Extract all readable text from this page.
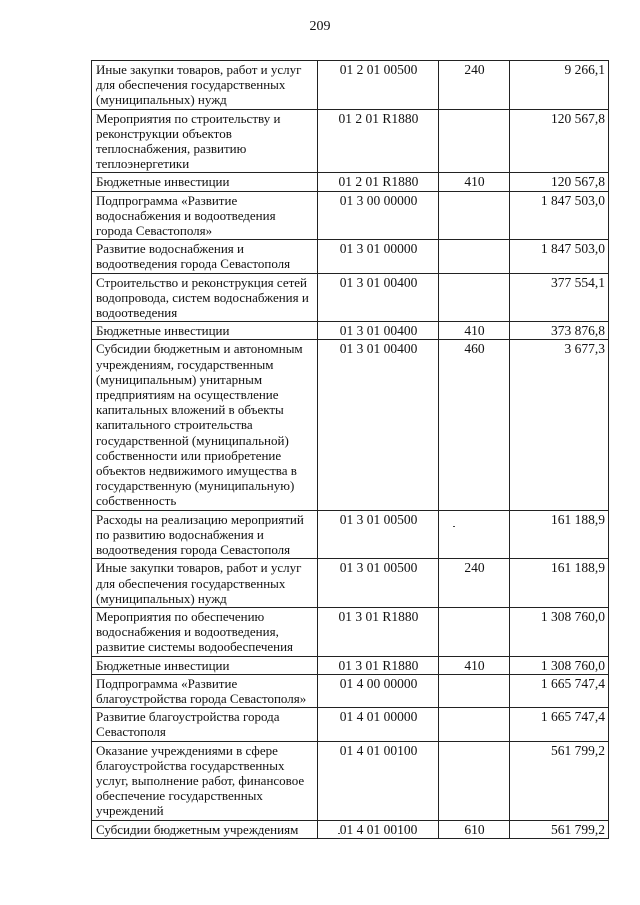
209
Иные закупки товаров, работ и услуг для обеспечения государственных (муниципальных) нужд	01 2 01 00500	240	9 266,1
Мероприятия по строительству и реконструкции объектов теплоснабжения, развитию теплоэнергетики	01 2 01 R1880		120 567,8
Бюджетные инвестиции	01 2 01 R1880	410	120 567,8
Подпрограмма «Развитие водоснабжения и водоотведения города Севастополя»	01 3 00 00000		1 847 503,0
Развитие водоснабжения и водоотведения города Севастополя	01 3 01 00000		1 847 503,0
Строительство и реконструкция сетей водопровода, систем водоснабжения и водоотведения	01 3 01 00400		377 554,1
Бюджетные инвестиции	01 3 01 00400	410	373 876,8
Субсидии бюджетным и автономным учреждениям, государственным (муниципальным) унитарным предприятиям на осуществление капитальных вложений в объекты капитального строительства государственной (муниципальной) собственности или приобретение объектов недвижимого имущества в государственную (муниципальную) собственность	01 3 01 00400	460	3 677,3
Расходы на реализацию мероприятий по развитию водоснабжения и водоотведения города Севастополя	01 3 01 00500		161 188,9
Иные закупки товаров, работ и услуг для обеспечения государственных (муниципальных) нужд	01 3 01 00500	240	161 188,9
Мероприятия по обеспечению водоснабжения и водоотведения, развитие системы водообеспечения	01 3 01 R1880		1 308 760,0
Бюджетные инвестиции	01 3 01 R1880	410	1 308 760,0
Подпрограмма «Развитие благоустройства города Севастополя»	01 4 00 00000		1 665 747,4
Развитие благоустройства города Севастополя	01 4 01 00000		1 665 747,4
Оказание учреждениями в сфере благоустройства государственных услуг, выполнение работ, финансовое обеспечение государственных учреждений	01 4 01 00100		561 799,2
Субсидии бюджетным учреждениям	01 4 01 00100	610	561 799,2
